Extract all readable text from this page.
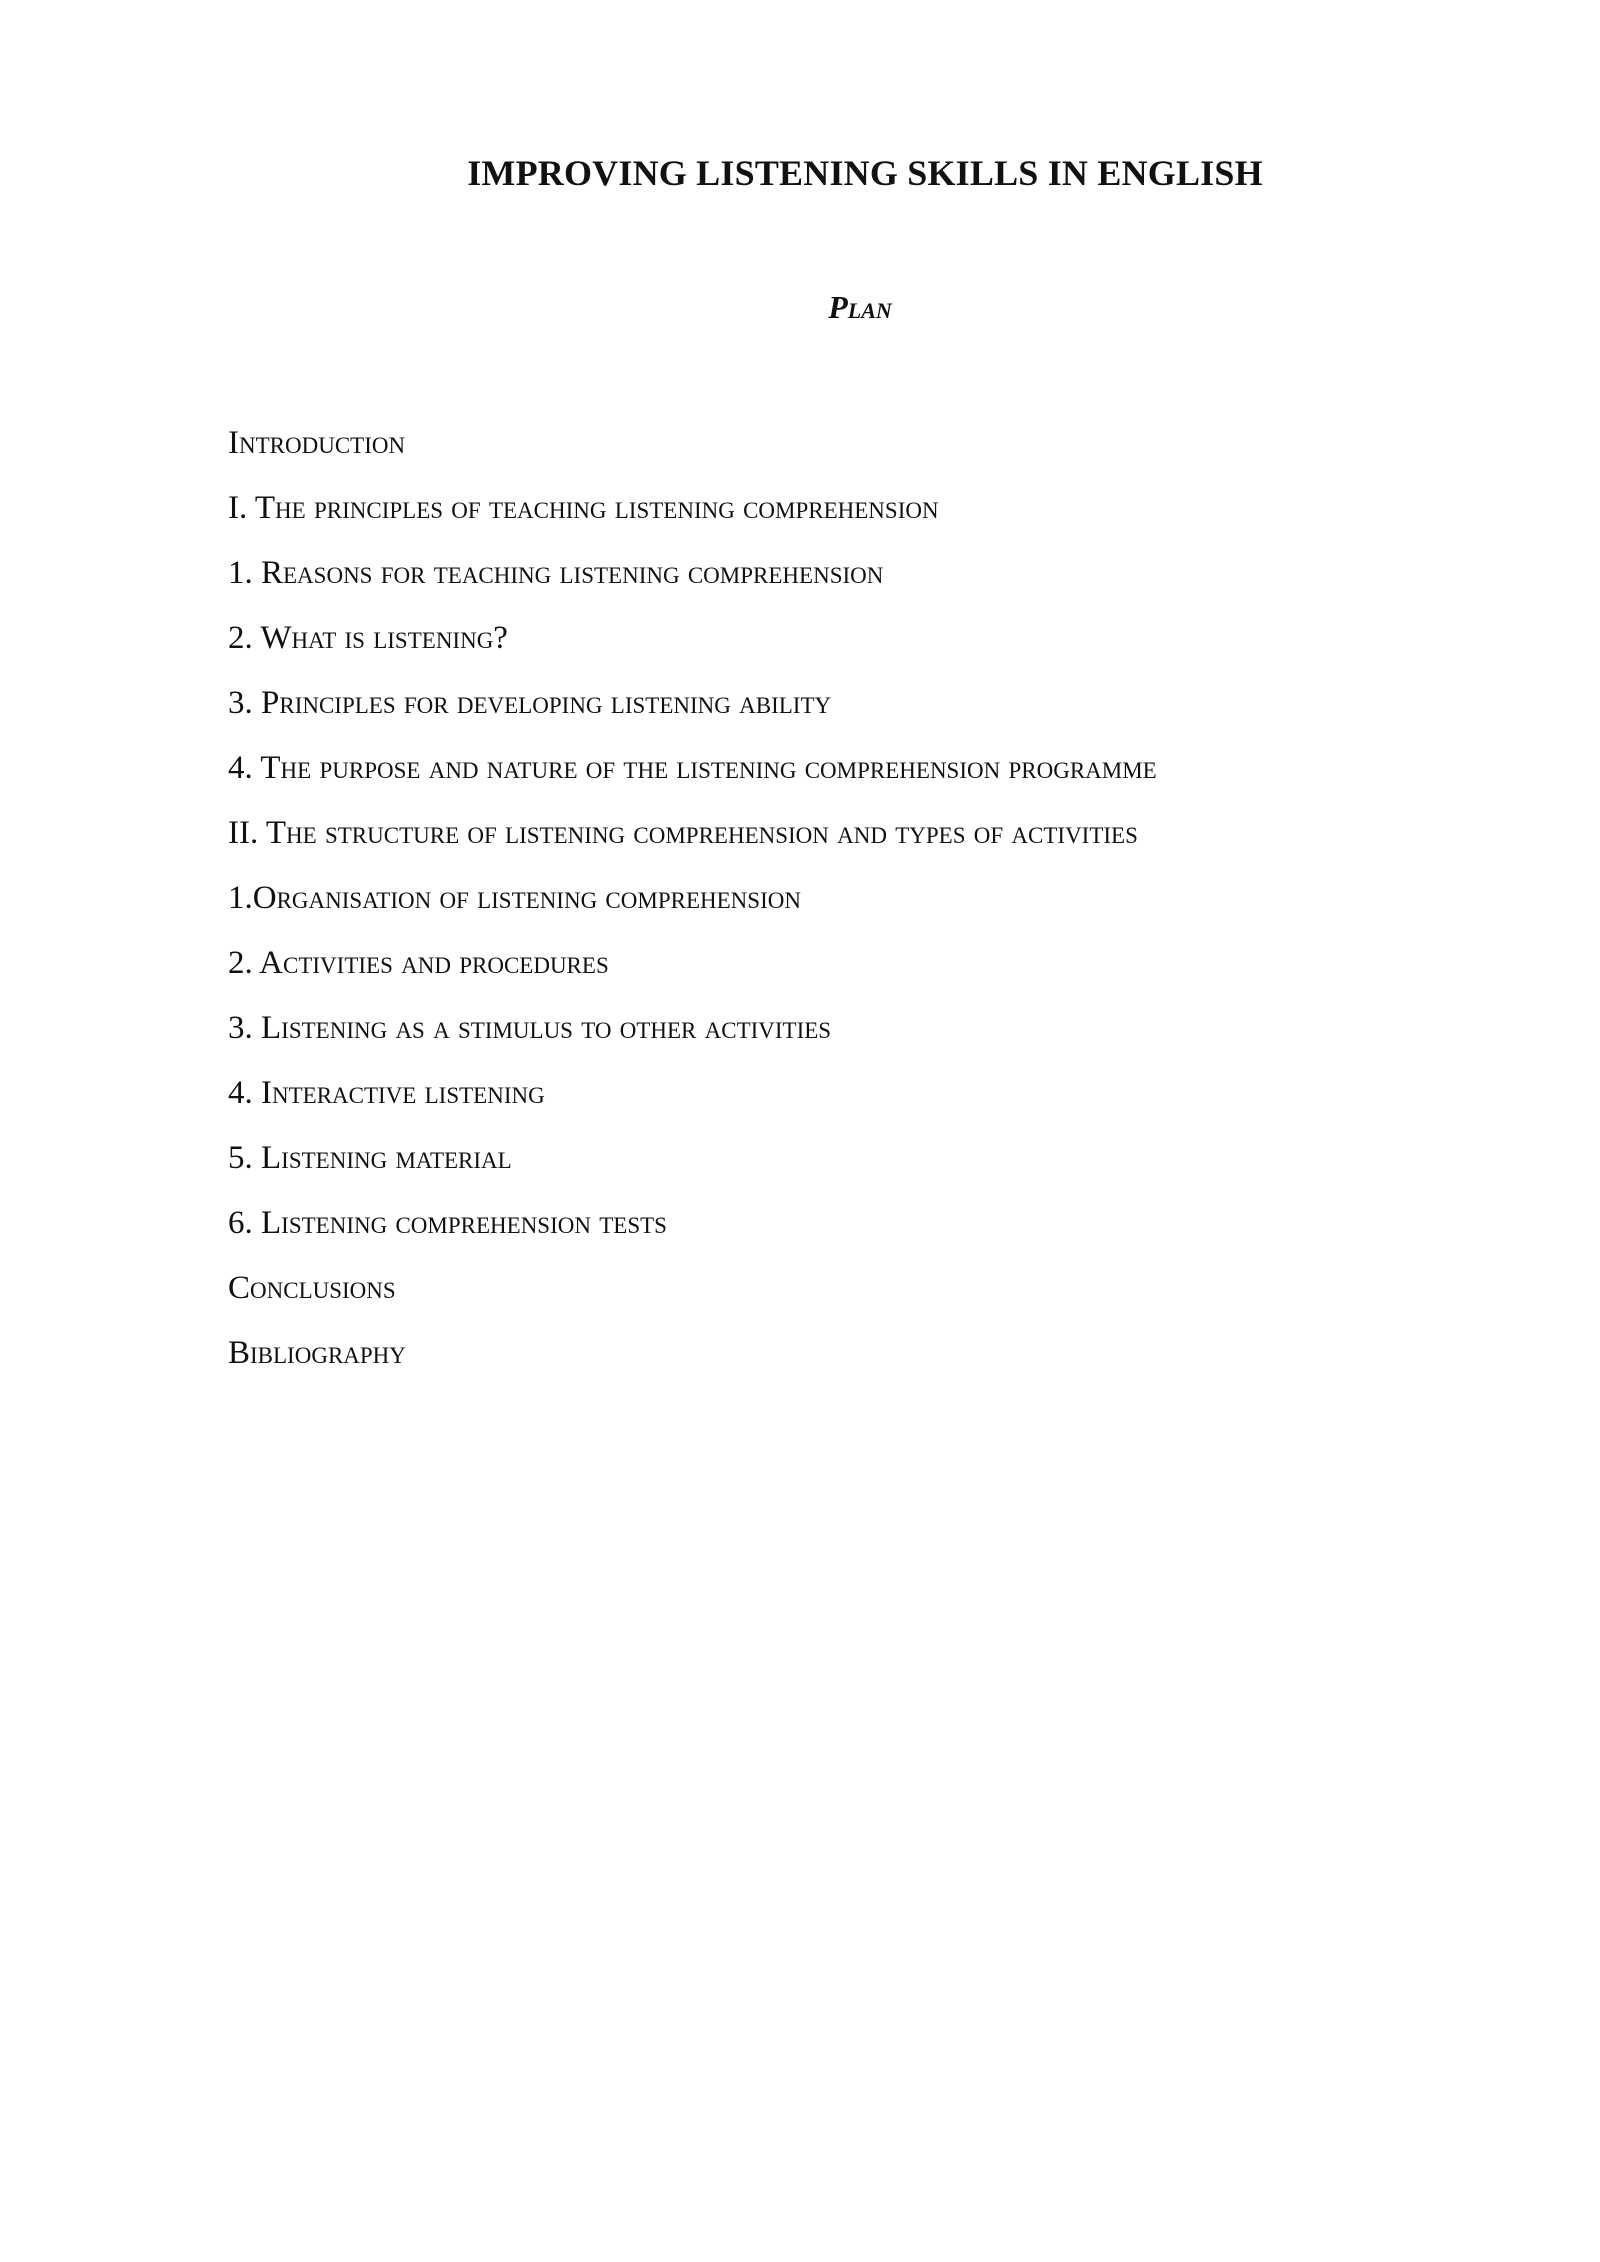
IMPROVING LISTENING SKILLS IN ENGLISH
Plan
Introduction
I. The principles of teaching listening comprehension
1. Reasons for teaching listening comprehension
2. What is listening?
3. Principles for developing listening ability
4. The purpose and nature of the listening comprehension programme
II. The structure of listening comprehension and types of activities
1.Organisation of listening comprehension
2. Activities and procedures
3. Listening as a stimulus to other activities
4. Interactive listening
5. Listening material
6. Listening comprehension tests
Conclusions
Bibliography
